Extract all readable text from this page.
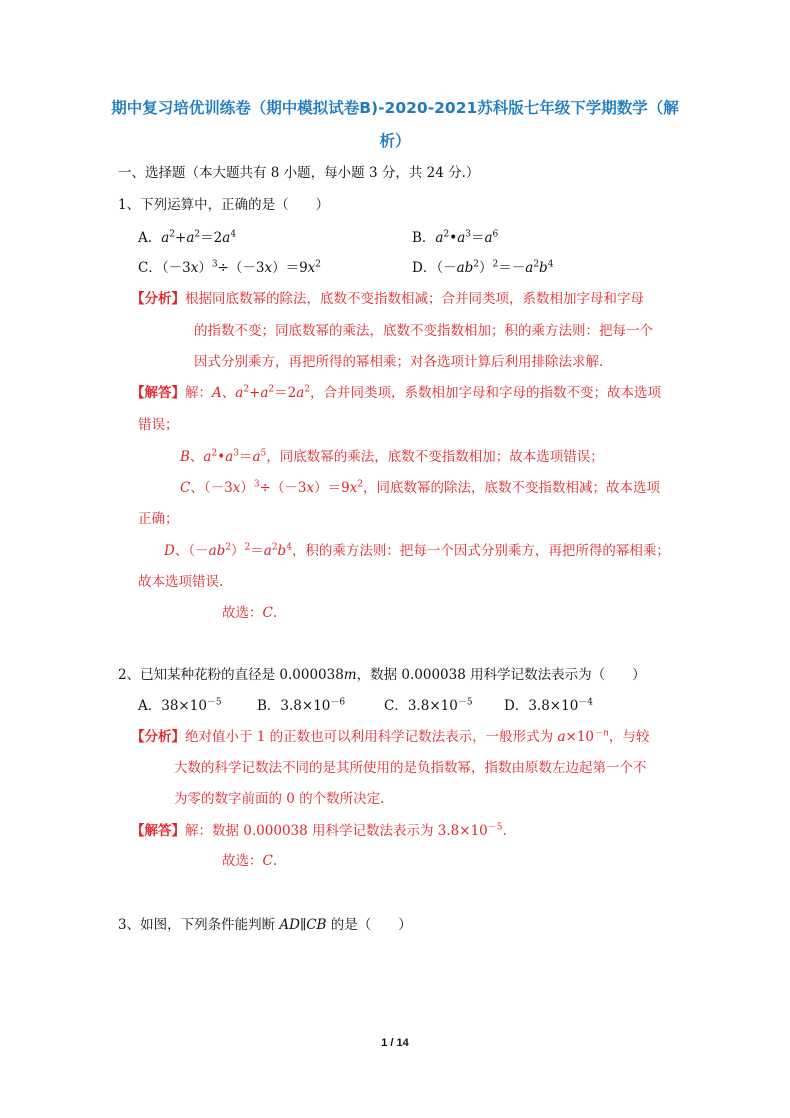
期中复习培优训练卷（期中模拟试卷B)-2020-2021苏科版七年级下学期数学（解
析）
一、选择题（本大题共有 8 小题，每小题 3 分，共 24 分.）
1、下列运算中，正确的是（　　）
A．$a^2+a^2=2a^4$	B．$a^2•a^3=a^6$
C．$(-3x)^3\div(-3x)=9x^2$	D．$(-ab^2)^2=-a^2b^4$
【分析】根据同底数幂的除法，底数不变指数相减；合并同类项，系数相加字母和字母
的指数不变；同底数幂的乘法，底数不变指数相加；积的乘方法则：把每一个
因式分别乘方，再把所得的幂相乘；对各选项计算后利用排除法求解.
【解答】解：A、$a^2+a^2=2a^2$，合并同类项，系数相加字母和字母的指数不变；故本选项
错误；
B、$a^2•a^3=a^5$，同底数幂的乘法，底数不变指数相加；故本选项错误；
C、$(-3x)^3\div(-3x)=9x^2$，同底数幂的除法，底数不变指数相减；故本选项
正确；
D、$(-ab^2)^2=a^2b^4$，积的乘方法则：把每一个因式分别乘方，再把所得的幂相乘；
故本选项错误.
故选：C.
2、已知某种花粉的直径是 0.000038m，数据 0.000038 用科学记数法表示为（　　）
A．$38\times 10^{-5}$	B．$3.8\times 10^{-6}$	C．$3.8\times 10^{-5}$ D．$3.8\times 10^{-4}$
【分析】绝对值小于 1 的正数也可以利用科学记数法表示，一般形式为 $a\times 10^{-n}$，与较
大数的科学记数法不同的是其所使用的是负指数幂，指数由原数左边起第一个不
为零的数字前面的 0 的个数所决定.
【解答】解：数据 0.000038 用科学记数法表示为 $3.8\times 10^{-5}$.
故选：C.
3、如图，下列条件能判断 AD∥CB 的是（　　）
1 / 14
